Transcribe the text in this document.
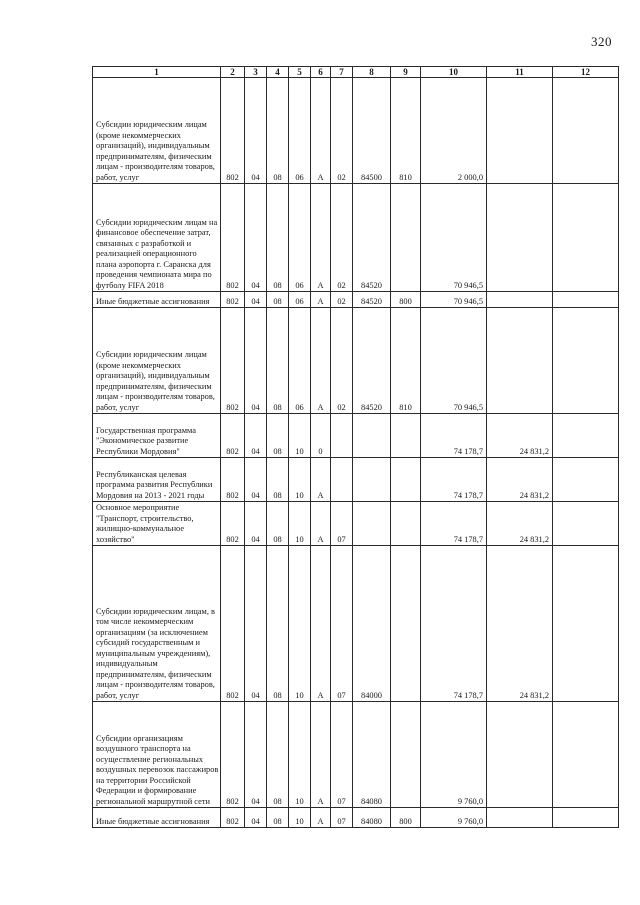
320
1	2	3	4	5	6	7	8	9	10	11	12
Субсидии юридическим лицам (кроме некоммерческих организаций), индивидуальным предпринимателям, физическим лицам - производителям товаров, работ, услуг	802	04	08	06	А	02	84500	810	2 000,0		
Субсидии юридическим лицам на финансовое обеспечение затрат, связанных с разработкой и реализацией операционного плана аэропорта г. Саранска для проведения чемпионата мира по футболу FIFA 2018	802	04	08	06	А	02	84520		70 946,5		
Иные бюджетные ассигнования	802	04	08	06	А	02	84520	800	70 946,5		
Субсидии юридическим лицам (кроме некоммерческих организаций), индивидуальным предпринимателям, физическим лицам - производителям товаров, работ, услуг	802	04	08	06	А	02	84520	810	70 946,5		
Государственная программа "Экономическое развитие Республики Мордовия"	802	04	08	10	0				74 178,7	24 831,2	
Республиканская целевая программа развития Республики Мордовия на 2013 - 2021 годы	802	04	08	10	А				74 178,7	24 831,2	
Основное мероприятие "Транспорт, строительство, жилищно-коммунальное хозяйство"	802	04	08	10	А	07			74 178,7	24 831,2	
Субсидии юридическим лицам, в том числе некоммерческим организациям (за исключением субсидий государственным и муниципальным учреждениям), индивидуальным предпринимателям, физическим лицам - производителям товаров, работ, услуг	802	04	08	10	А	07	84000		74 178,7	24 831,2	
Субсидии организациям воздушного транспорта на осуществление региональных воздушных перевозок пассажиров на территории Российской Федерации и формирование региональной маршрутной сети	802	04	08	10	А	07	84080		9 760,0		
Иные бюджетные ассигнования	802	04	08	10	А	07	84080	800	9 760,0		
